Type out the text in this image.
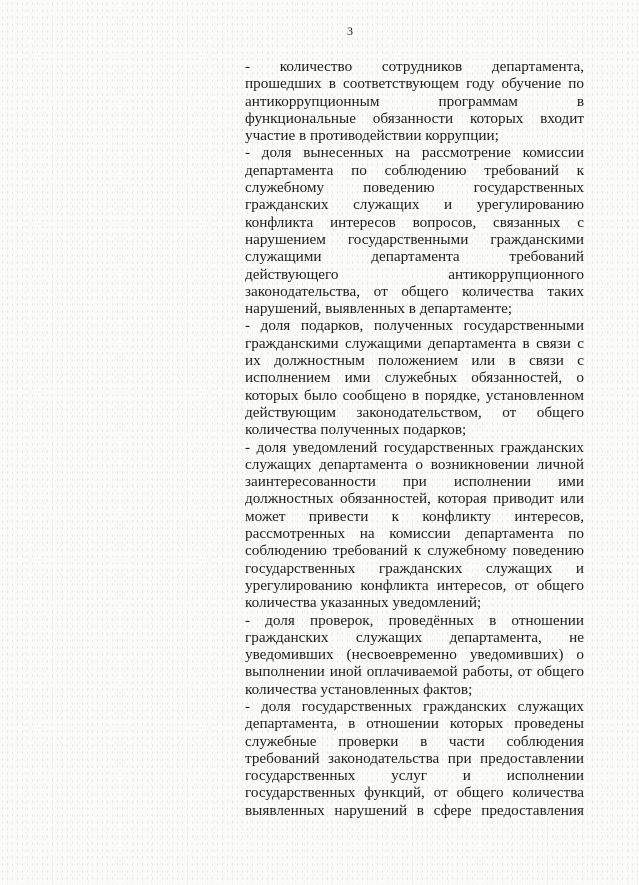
3
- количество сотрудников департамента,
прошедших в соответствующем году обучение по
антикоррупционным программам в
функциональные обязанности которых входит
участие в противодействии коррупции;
- доля вынесенных на рассмотрение комиссии
департамента по соблюдению требований к
служебному поведению государственных
гражданских служащих и урегулированию
конфликта интересов вопросов, связанных с
нарушением государственными гражданскими
служащими департамента требований
действующего антикоррупционного
законодательства, от общего количества таких
нарушений, выявленных в департаменте;
- доля подарков, полученных государственными
гражданскими служащими департамента в связи с
их должностным положением или в связи с
исполнением ими служебных обязанностей, о
которых было сообщено в порядке, установленном
действующим законодательством, от общего
количества полученных подарков;
- доля уведомлений государственных гражданских
служащих департамента о возникновении личной
заинтересованности при исполнении ими
должностных обязанностей, которая приводит или
может привести к конфликту интересов,
рассмотренных на комиссии департамента по
соблюдению требований к служебному поведению
государственных гражданских служащих и
урегулированию конфликта интересов, от общего
количества указанных уведомлений;
- доля проверок, проведённых в отношении
гражданских служащих департамента, не
уведомивших (несвоевременно уведомивших) о
выполнении иной оплачиваемой работы, от общего
количества установленных фактов;
- доля государственных гражданских служащих
департамента, в отношении которых проведены
служебные проверки в части соблюдения
требований законодательства при предоставлении
государственных услуг и исполнении
государственных функций, от общего количества
выявленных нарушений в сфере предоставления
